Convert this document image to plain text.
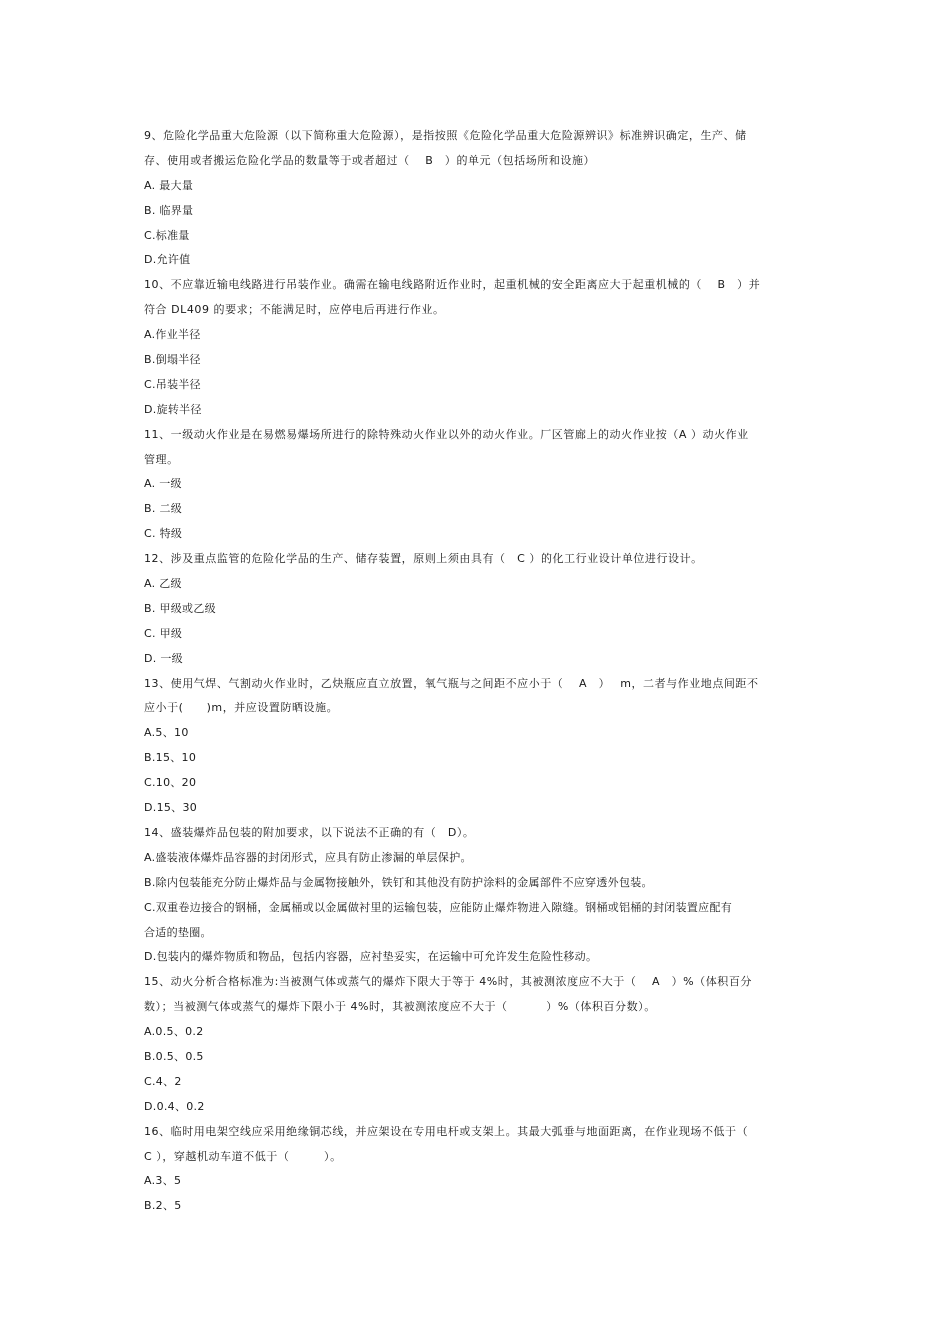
9、危险化学品重大危险源（以下简称重大危险源），是指按照《危险化学品重大危险源辨识》标准辨识确定，生产、储
存、使用或者搬运危险化学品的数量等于或者超过（　 B　）的单元（包括场所和设施）
A. 最大量
B. 临界量
C.标准量
D.允许值
10、不应靠近输电线路进行吊装作业。确需在输电线路附近作业时，起重机械的安全距离应大于起重机械的（　 B　）并
符合 DL409 的要求；不能满足时，应停电后再进行作业。
A.作业半径
B.倒塌半径
C.吊装半径
D.旋转半径
11、一级动火作业是在易燃易爆场所进行的除特殊动火作业以外的动火作业。厂区管廊上的动火作业按（A ）动火作业
管理。
A. 一级
B. 二级
C. 特级
12、涉及重点监管的危险化学品的生产、储存装置，原则上须由具有（　C ）的化工行业设计单位进行设计。
A. 乙级
B. 甲级或乙级
C. 甲级
D. 一级
13、使用气焊、气割动火作业时，乙炔瓶应直立放置，氧气瓶与之间距不应小于（　 A　）　 m，二者与作业地点间距不
应小于(　　)m，并应设置防晒设施。
A.5、10
B.15、10
C.10、20
D.15、30
14、盛装爆炸品包装的附加要求，以下说法不正确的有（　D）。
A.盛装液体爆炸品容器的封闭形式，应具有防止渗漏的单层保护。
B.除内包装能充分防止爆炸品与金属物接触外，铁钉和其他没有防护涂料的金属部件不应穿透外包装。
C.双重卷边接合的钢桶，金属桶或以金属做衬里的运输包装，应能防止爆炸物进入隙缝。钢桶或铝桶的封闭装置应配有
合适的垫圈。
D.包装内的爆炸物质和物品，包括内容器，应衬垫妥实，在运输中可允许发生危险性移动。
15、动火分析合格标准为:当被测气体或蒸气的爆炸下限大于等于 4%时，其被测浓度应不大于（　 A　）%（体积百分
数）；当被测气体或蒸气的爆炸下限小于 4%时，其被测浓度应不大于（　　　 ）%（体积百分数）。
A.0.5、0.2
B.0.5、0.5
C.4、2
D.0.4、0.2
16、临时用电架空线应采用绝缘铜芯线，并应架设在专用电杆或支架上。其最大弧垂与地面距离，在作业现场不低于（
C ），穿越机动车道不低于（　　　）。
A.3、5
B.2、5
